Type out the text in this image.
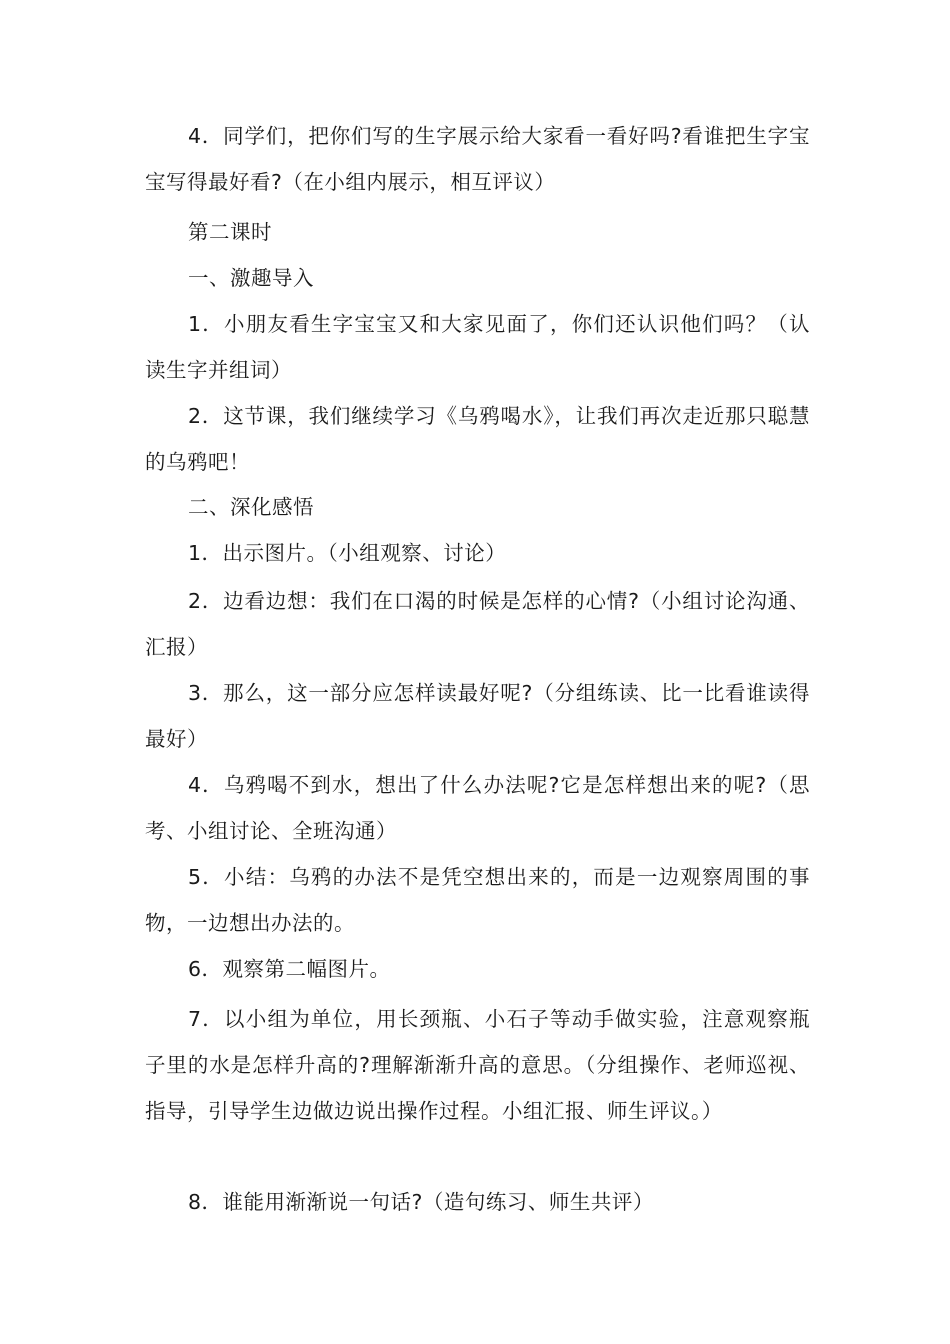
4．同学们，把你们写的生字展示给大家看一看好吗?看谁把生字宝宝写得最好看?（在小组内展示，相互评议）

第二课时

一、激趣导入

1．小朋友看生字宝宝又和大家见面了，你们还认识他们吗？（认读生字并组词）

2．这节课，我们继续学习《乌鸦喝水》，让我们再次走近那只聪慧的乌鸦吧！

二、深化感悟

1．出示图片。（小组观察、讨论）

2．边看边想：我们在口渴的时候是怎样的心情?（小组讨论沟通、汇报）

3．那么，这一部分应怎样读最好呢?（分组练读、比一比看谁读得最好）

4．乌鸦喝不到水，想出了什么办法呢?它是怎样想出来的呢?（思考、小组讨论、全班沟通）

5．小结：乌鸦的办法不是凭空想出来的，而是一边观察周围的事物，一边想出办法的。

6．观察第二幅图片。

7．以小组为单位，用长颈瓶、小石子等动手做实验，注意观察瓶子里的水是怎样升高的?理解渐渐升高的意思。（分组操作、老师巡视、指导，引导学生边做边说出操作过程。小组汇报、师生评议。）

8．谁能用渐渐说一句话?（造句练习、师生共评）
